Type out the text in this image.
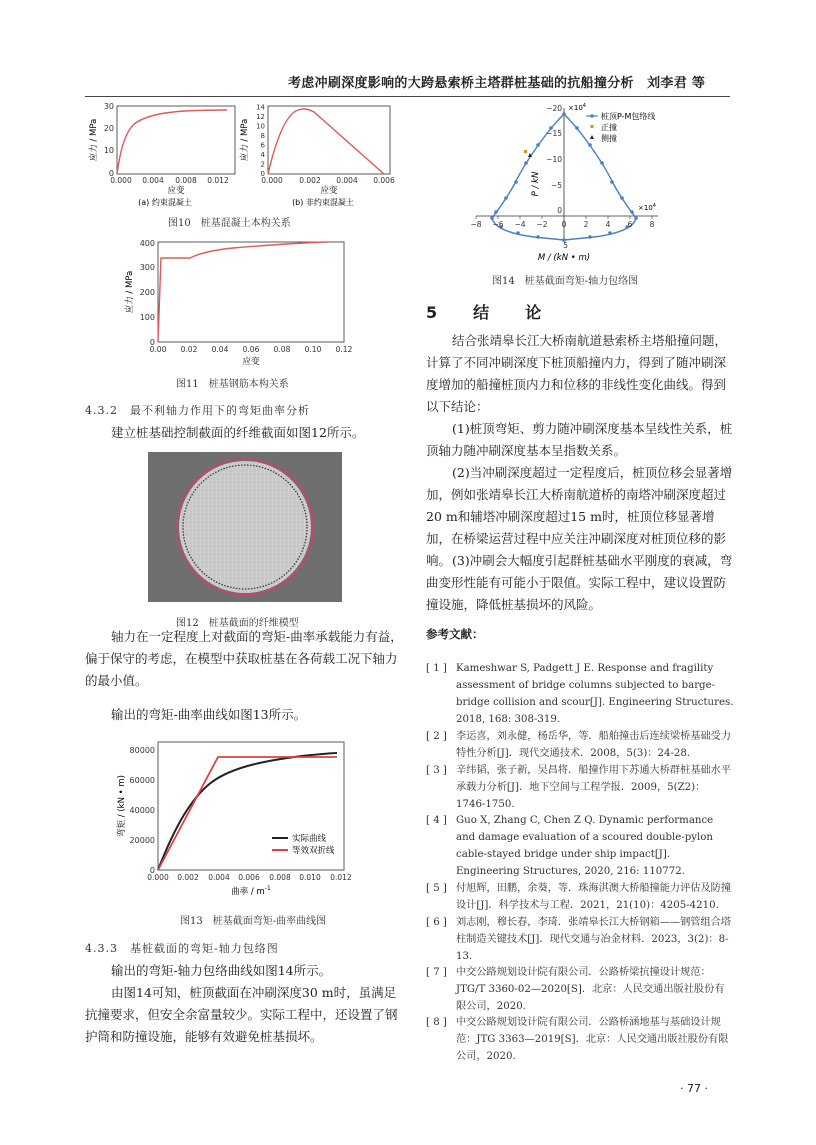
考虑冲刷深度影响的大跨悬索桥主塔群桩基础的抗船撞分析　刘李君 等
0
10
20
30
0.000 0.004 0.008 0.012
应变
(a) 约束混凝土
应力 / MPa
0
2
4
6
8
10
12
14
0.000 0.002 0.004 0.006
应变
(b) 非约束混凝土
应力 / MPa
图10　桩基混凝土本构关系
0
100
200
300
400
0.00 0.02 0.04 0.06 0.08 0.10 0.12
应变
应力 / MPa
图11　桩基钢筋本构关系
4.3.2　最不利轴力作用下的弯矩曲率分析
建立桩基础控制截面的纤维截面如图12所示。
图12　桩基截面的纤维模型
轴力在一定程度上对截面的弯矩-曲率承载能力有益，偏于保守的考虑，在模型中获取桩基在各荷载工况下轴力的最小值。
输出的弯矩-曲率曲线如图13所示。
0
20000
40000
60000
80000
0.000 0.002 0.004 0.006 0.008 0.010 0.012
曲率 / $m^{-1}$
弯矩 / (kN • m)
实际曲线
等效双折线
图13　桩基截面弯矩-曲率曲线图
4.3.3　基桩截面的弯矩-轴力包络图
输出的弯矩-轴力包络曲线如图14所示。
由图14可知，桩顶截面在冲刷深度30 m时，虽满足抗撞要求，但安全余富量较少。实际工程中，还设置了钢护筒和防撞设施，能够有效避免桩基损坏。
−20
−15
−10
−5
0
5
$\times 10^4$
−8 −6 −4 −2 0 2 4 6 8
$\times 10^4$
P / kN
M / (kN • m)
桩顶P-M包络线
正撞
侧撞
图14　桩基截面弯矩-轴力包络图
5　结　论
结合张靖皋长江大桥南航道悬索桥主塔船撞问题，计算了不同冲刷深度下桩顶船撞内力，得到了随冲刷深度增加的船撞桩顶内力和位移的非线性变化曲线。得到以下结论：
(1)桩顶弯矩、剪力随冲刷深度基本呈线性关系，桩顶轴力随冲刷深度基本呈指数关系。
(2)当冲刷深度超过一定程度后，桩顶位移会显著增加，例如张靖皋长江大桥南航道桥的南塔冲刷深度超过20 m和辅塔冲刷深度超过15 m时，桩顶位移显著增加，在桥梁运营过程中应关注冲刷深度对桩顶位移的影响。 (3)冲刷会大幅度引起群桩基础水平刚度的衰减，弯曲变形性能有可能小于限值。实际工程中，建议设置防撞设施，降低桩基损坏的风险。
参考文献：
[ 1 ] Kameshwar S, Padgett J E. Response and fragility assessment of bridge columns subjected to barge-bridge collision and scour[J]. Engineering Structures. 2018, 168: 308-319.
[ 2 ] 李运喜，刘永健，杨岳华，等．船舶撞击后连续梁桥基础受力特性分析[J]．现代交通技术．2008，5(3)：24-28.
[ 3 ] 辛纬韬，张子新，吴昌将．船撞作用下苏通大桥群桩基础水平承载力分析[J]．地下空间与工程学报．2009，5(Z2)：1746-1750.
[ 4 ] Guo X, Zhang C, Chen Z Q. Dynamic performance and damage evaluation of a scoured double-pylon cable-stayed bridge under ship impact[J]. Engineering Structures, 2020, 216: 110772.
[ 5 ] 付旭辉，田鹏，余葵，等．珠海淇澳大桥船撞能力评估及防撞设计[J]．科学技术与工程．2021，21(10)：4205-4210.
[ 6 ] 刘志刚，穆长春，李琦．张靖皋长江大桥钢箱——钢管组合塔柱制造关键技术[J]．现代交通与冶金材料．2023，3(2)：8-13.
[ 7 ] 中交公路规划设计院有限公司．公路桥梁抗撞设计规范：JTG/T 3360-02—2020[S]．北京：人民交通出版社股份有限公司，2020.
[ 8 ] 中交公路规划设计院有限公司．公路桥涵地基与基础设计规范：JTG 3363—2019[S]．北京：人民交通出版社股份有限公司，2020.
· 77 ·
